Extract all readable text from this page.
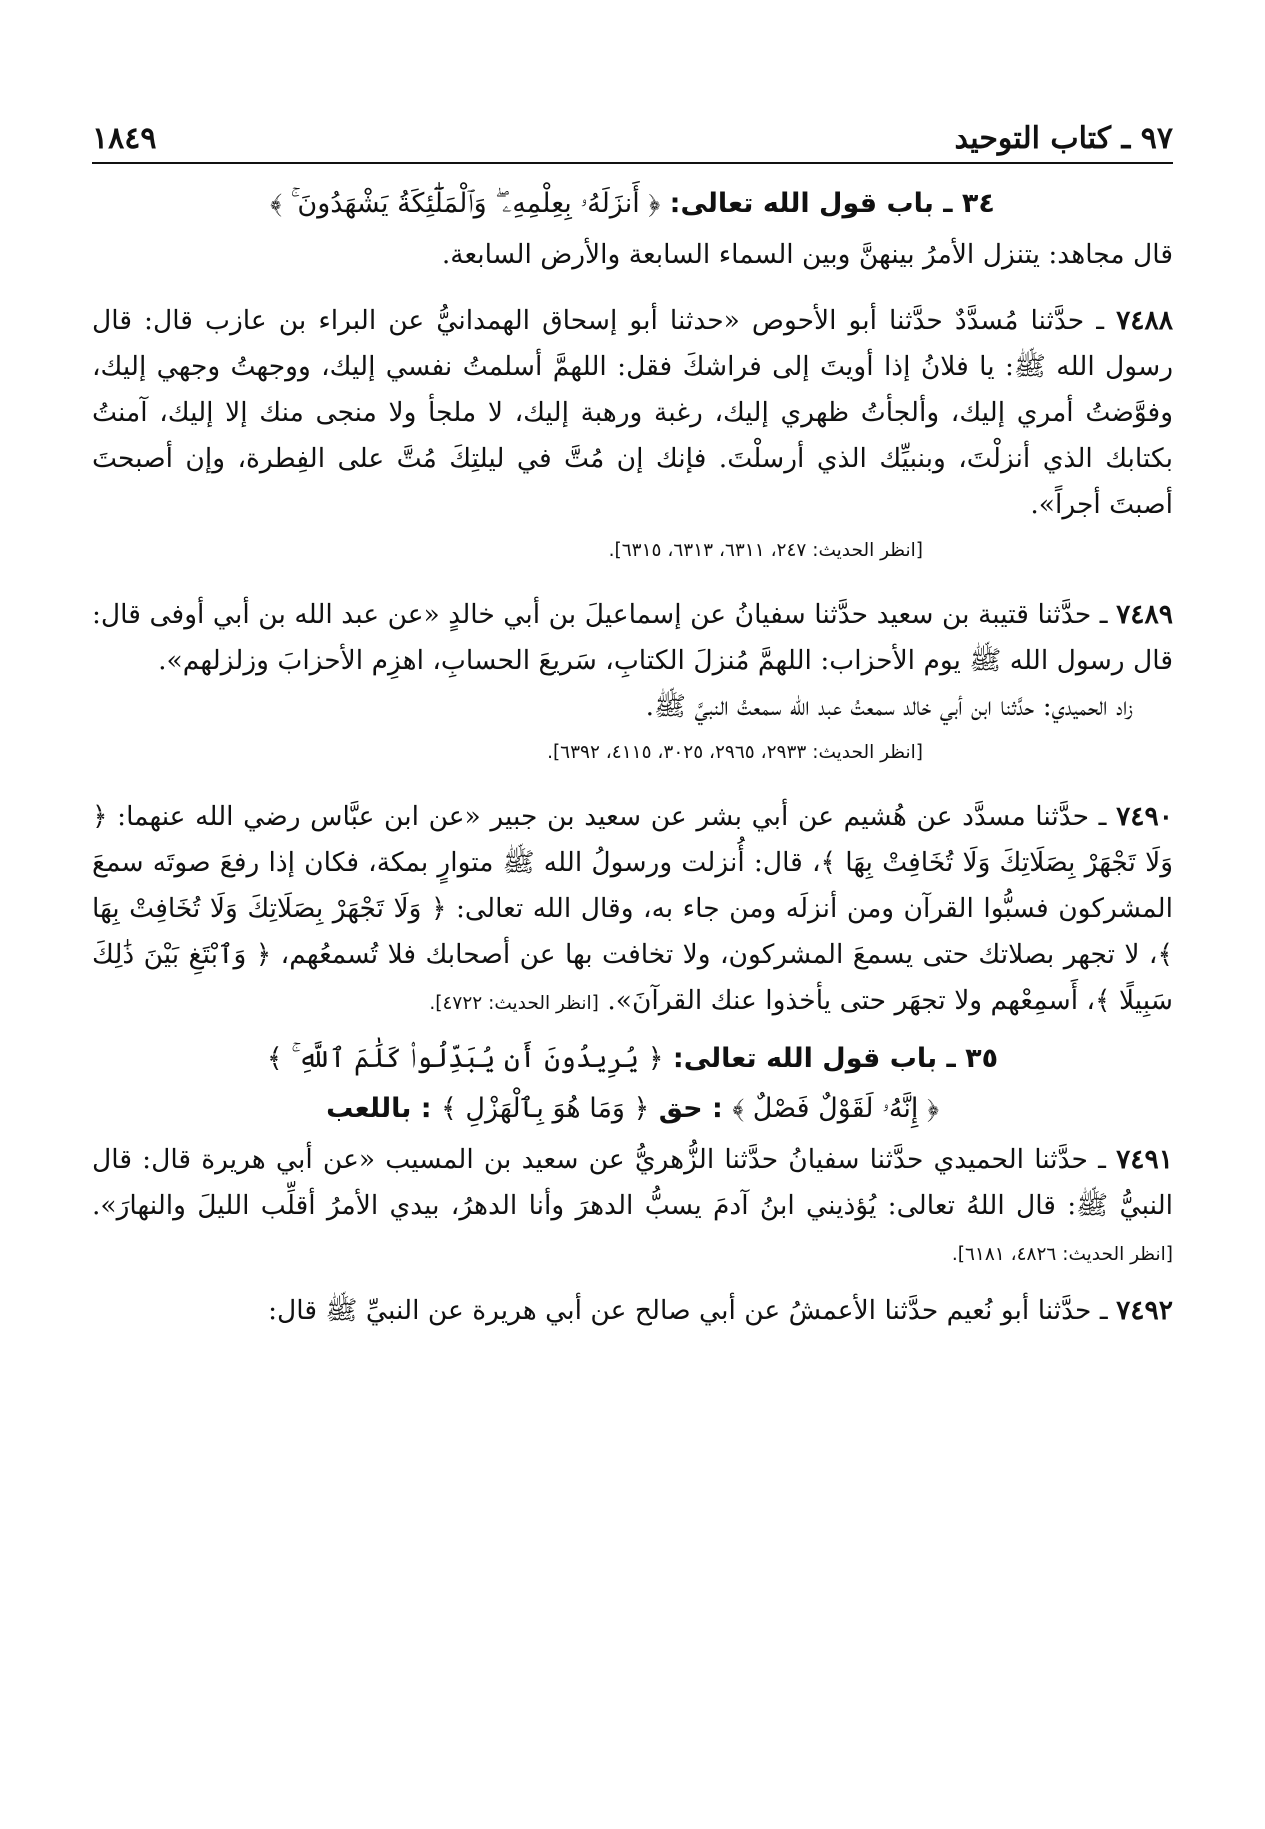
٩٧ ـ كتاب التوحيد
١٨٤٩
٣٤ ـ باب قول الله تعالى: ﴿ أَنزَلَهُۥ بِعِلْمِهِۦ ۖ وَٱلْمَلَٰٓئِكَةُ يَشْهَدُونَ ۚ ﴾

قال مجاهد: يتنزل الأمرُ بينهنَّ وبين السماء السابعة والأرض السابعة.

٧٤٨٨ ـ حدَّثنا مُسدَّدٌ حدَّثنا أبو الأحوص «حدثنا أبو إسحاق الهمدانيُّ عن البراء بن عازب قال: قال رسول الله ﷺ: يا فلانُ إذا أويتَ إلى فراشكَ فقل: اللهمَّ أسلمتُ نفسي إليك، ووجهتُ وجهي إليك، وفوَّضتُ أمري إليك، وألجأتُ ظهري إليك، رغبة ورهبة إليك، لا ملجأ ولا منجى منك إلا إليك، آمنتُ بكتابك الذي أنزلْتَ، وبنبيِّك الذي أرسلْتَ. فإنك إن مُتَّ في ليلتِكَ مُتَّ على الفِطرة، وإن أصبحتَ أصبتَ أجراً».

[انظر الحديث: ٢٤٧، ٦٣١١، ٦٣١٣، ٦٣١٥].

٧٤٨٩ ـ حدَّثنا قتيبة بن سعيد حدَّثنا سفيانُ عن إسماعيلَ بن أبي خالدٍ «عن عبد الله بن أبي أوفى قال: قال رسول الله ﷺ يوم الأحزاب: اللهمَّ مُنزلَ الكتابِ، سَريعَ الحسابِ، اهزِم الأحزابَ وزلزلهم».

زاد الحميدي: حدَّثنا ابن أبي خالد سمعتُ عبد الله سمعتُ النبيَّ ﷺ.

[انظر الحديث: ٢٩٣٣، ٢٩٦٥، ٣٠٢٥، ٤١١٥، ٦٣٩٢].

٧٤٩٠ ـ حدَّثنا مسدَّد عن هُشيم عن أبي بشر عن سعيد بن جبير «عن ابن عبَّاس رضي الله عنهما: ﴿ وَلَا تَجْهَرْ بِصَلَاتِكَ وَلَا تُخَافِتْ بِهَا ﴾، قال: أُنزلت ورسولُ الله ﷺ متوارٍ بمكة، فكان إذا رفعَ صوتَه سمعَ المشركون فسبُّوا القرآن ومن أنزلَه ومن جاء به، وقال الله تعالى: ﴿ وَلَا تَجْهَرْ بِصَلَاتِكَ وَلَا تُخَافِتْ بِهَا ﴾، لا تجهر بصلاتك حتى يسمعَ المشركون، ولا تخافت بها عن أصحابك فلا تُسمعُهم، ﴿ وَٱبْتَغِ بَيْنَ ذَٰلِكَ سَبِيلًا ﴾، أَسمِعْهم ولا تجهَر حتى يأخذوا عنك القرآنَ». [انظر الحديث: ٤٧٢٢].

٣٥ ـ باب قول الله تعالى: ﴿ يُرِيدُونَ أَن يُبَدِّلُوا۟ كَلَٰمَ ٱللَّهِ ۚ ﴾
﴿ إِنَّهُۥ لَقَوْلٌ فَصْلٌ ﴾ : حق ﴿ وَمَا هُوَ بِٱلْهَزْلِ ﴾ : باللعب

٧٤٩١ ـ حدَّثنا الحميدي حدَّثنا سفيانُ حدَّثنا الزُّهريُّ عن سعيد بن المسيب «عن أبي هريرة قال: قال النبيُّ ﷺ: قال اللهُ تعالى: يُؤذيني ابنُ آدمَ يسبُّ الدهرَ وأنا الدهرُ، بيدي الأمرُ أقلِّب الليلَ والنهارَ». [انظر الحديث: ٤٨٢٦، ٦١٨١].

٧٤٩٢ ـ حدَّثنا أبو نُعيم حدَّثنا الأعمشُ عن أبي صالح عن أبي هريرة عن النبيِّ ﷺ قال:
